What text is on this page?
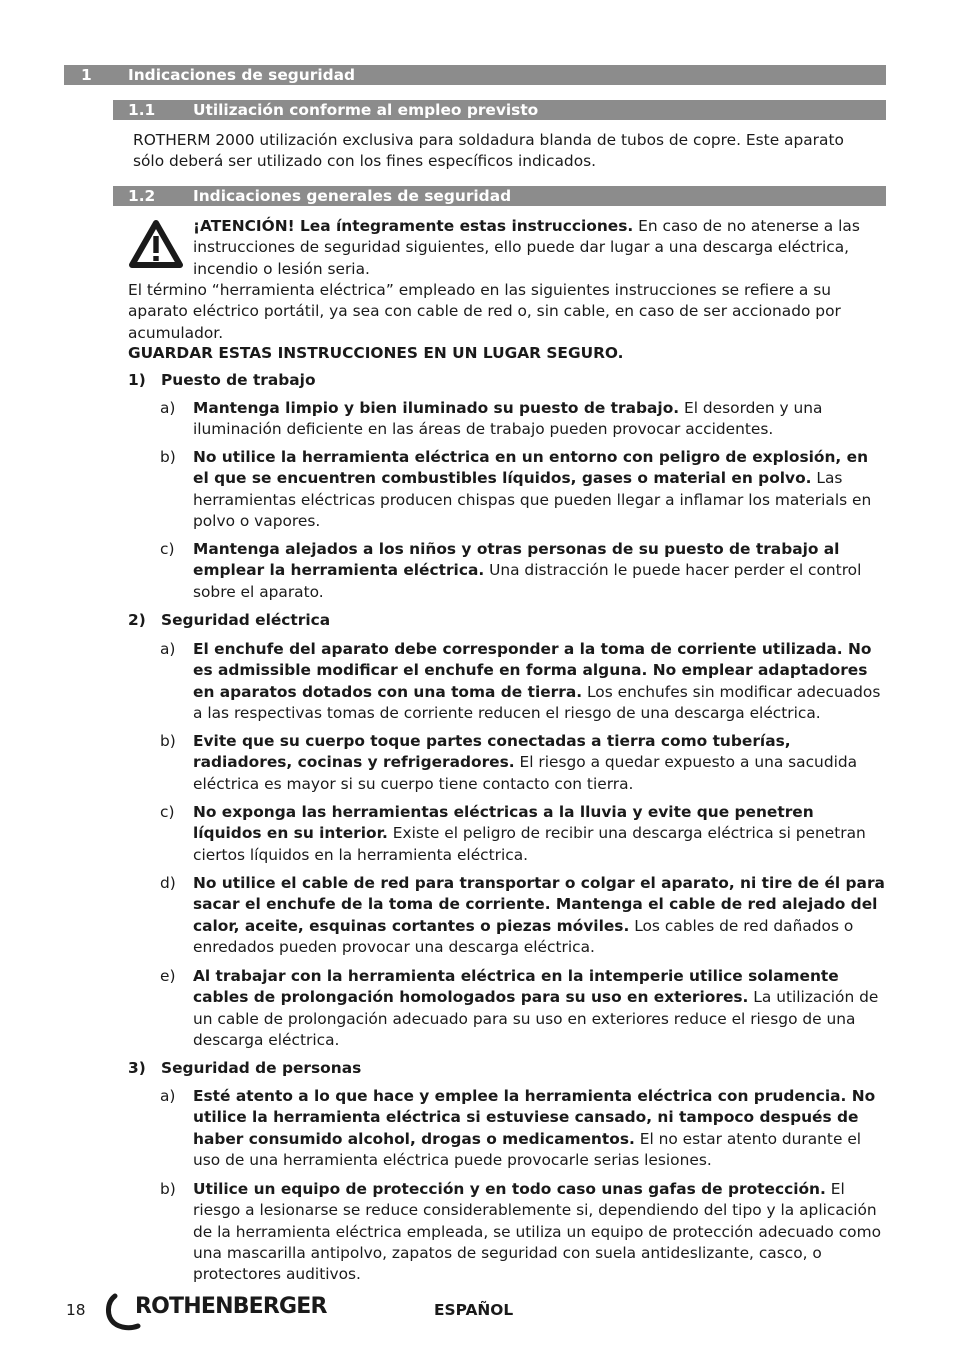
1 Indicaciones de seguridad
1.1 Utilización conforme al empleo previsto

ROTHERM 2000 utilización exclusiva para soldadura blanda de tubos de copre. Este aparato sólo deberá ser utilizado con los fines específicos indicados.

1.2 Indicaciones generales de seguridad

¡ATENCIÓN! Lea íntegramente estas instrucciones. En caso de no atenerse a las instrucciones de seguridad siguientes, ello puede dar lugar a una descarga eléctrica, incendio o lesión seria.

El término “herramienta eléctrica” empleado en las siguientes instrucciones se refiere a su aparato eléctrico portátil, ya sea con cable de red o, sin cable, en caso de ser accionado por acumulador.

GUARDAR ESTAS INSTRUCCIONES EN UN LUGAR SEGURO.

1) Puesto de trabajo
a) Mantenga limpio y bien iluminado su puesto de trabajo. El desorden y una iluminación deficiente en las áreas de trabajo pueden provocar accidentes.

b) No utilice la herramienta eléctrica en un entorno con peligro de explosión, en el que se encuentren combustibles líquidos, gases o material en polvo. Las herramientas eléctricas producen chispas que pueden llegar a inflamar los materials en polvo o vapores.

c) Mantenga alejados a los niños y otras personas de su puesto de trabajo al emplear la herramienta eléctrica. Una distracción le puede hacer perder el control sobre el aparato.

2) Seguridad eléctrica
a) El enchufe del aparato debe corresponder a la toma de corriente utilizada. No es admissible modificar el enchufe en forma alguna. No emplear adaptadores en aparatos dotados con una toma de tierra. Los enchufes sin modificar adecuados a las respectivas tomas de corriente reducen el riesgo de una descarga eléctrica.

b) Evite que su cuerpo toque partes conectadas a tierra como tuberías, radiadores, cocinas y refrigeradores. El riesgo a quedar expuesto a una sacudida eléctrica es mayor si su cuerpo tiene contacto con tierra.

c) No exponga las herramientas eléctricas a la lluvia y evite que penetren líquidos en su interior. Existe el peligro de recibir una descarga eléctrica si penetran ciertos líquidos en la herramienta eléctrica.

d) No utilice el cable de red para transportar o colgar el aparato, ni tire de él para sacar el enchufe de la toma de corriente. Mantenga el cable de red alejado del calor, aceite, esquinas cortantes o piezas móviles. Los cables de red dañados o enredados pueden provocar una descarga eléctrica.

e) Al trabajar con la herramienta eléctrica en la intemperie utilice solamente cables de prolongación homologados para su uso en exteriores. La utilización de un cable de prolongación adecuado para su uso en exteriores reduce el riesgo de una descarga eléctrica.

3) Seguridad de personas
a) Esté atento a lo que hace y emplee la herramienta eléctrica con prudencia. No utilice la herramienta eléctrica si estuviese cansado, ni tampoco después de haber consumido alcohol, drogas o medicamentos. El no estar atento durante el uso de una herramienta eléctrica puede provocarle serias lesiones.

b) Utilice un equipo de protección y en todo caso unas gafas de protección. El riesgo a lesionarse se reduce considerablemente si, dependiendo del tipo y la aplicación de la herramienta eléctrica empleada, se utiliza un equipo de protección adecuado como una mascarilla antipolvo, zapatos de seguridad con suela antideslizante, casco, o protectores auditivos.

18 ROTHENBERGER	ESPAÑOL
